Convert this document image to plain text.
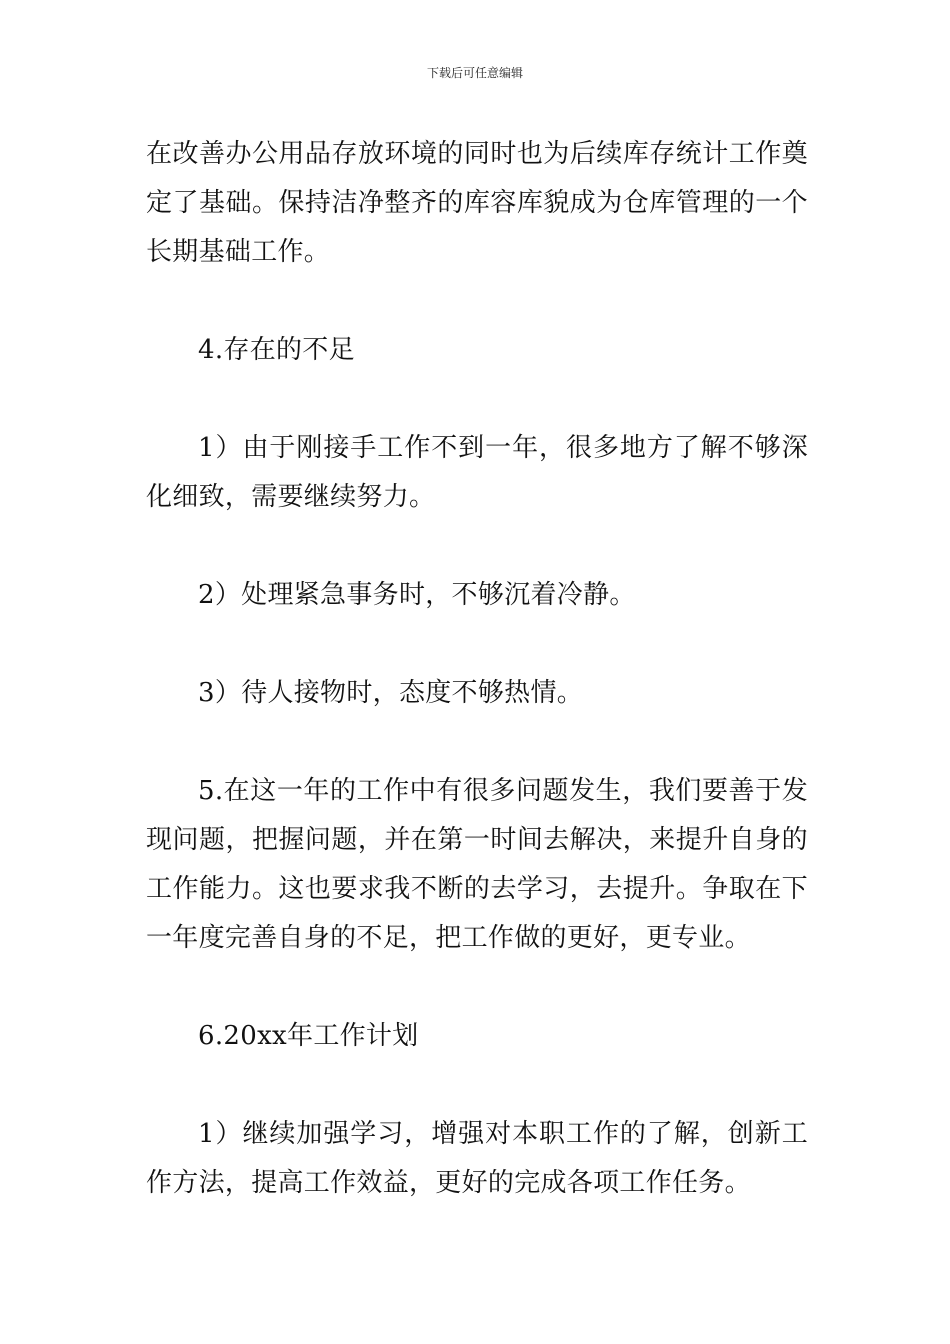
下载后可任意编辑

在改善办公用品存放环境的同时也为后续库存统计工作奠定了基础。保持洁净整齐的库容库貌成为仓库管理的一个长期基础工作。

4.存在的不足

1）由于刚接手工作不到一年，很多地方了解不够深化细致，需要继续努力。

2）处理紧急事务时，不够沉着冷静。

3）待人接物时，态度不够热情。

5.在这一年的工作中有很多问题发生，我们要善于发现问题，把握问题，并在第一时间去解决，来提升自身的工作能力。这也要求我不断的去学习，去提升。争取在下一年度完善自身的不足，把工作做的更好，更专业。

6.20xx年工作计划

1）继续加强学习，增强对本职工作的了解，创新工作方法，提高工作效益，更好的完成各项工作任务。
